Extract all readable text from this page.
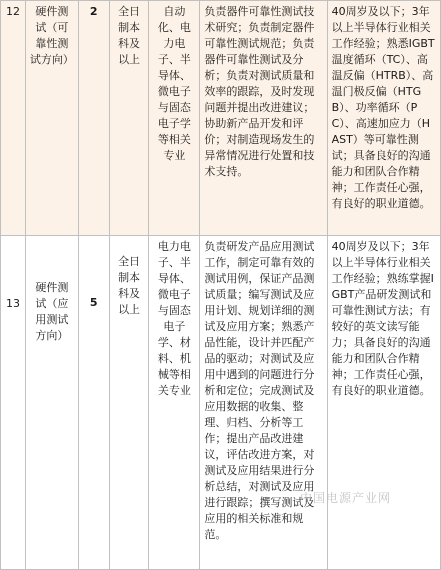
12	硬件测试（可靠性测试方向）	2	全日制本科及以上	自动化、电力电子、半导体、微电子与固态电子学等相关专业	负责器件可靠性测试技术研究；负责制定器件可靠性测试规范；负责器件可靠性测试及分析；负责对测试质量和效率的跟踪，及时发现问题并提出改进建议；协助新产品开发和评价；对制造现场发生的异常情况进行处置和技术支持。	40周岁及以下；3年以上半导体行业相关工作经验；熟悉IGBT温度循环（TC）、高温反偏（HTRB）、高温门极反偏（HTGB）、功率循环（PC）、高速加应力（HAST）等可靠性测试；具备良好的沟通能力和团队合作精神；工作责任心强，有良好的职业道德。
13	硬件测试（应用测试方向）	5	全日制本科及以上	电力电子、半导体、微电子与固态电子学、材料、机械等相关专业	负责研发产品应用测试工作，制定可靠有效的测试用例，保证产品测试质量；编写测试及应用计划、规划详细的测试及应用方案；熟悉产品性能，设计并匹配产品的驱动；对测试及应用中遇到的问题进行分析和定位；完成测试及应用数据的收集、整理、归档、分析等工作；提出产品改进建议，评估改进方案，对测试及应用结果进行分析总结，对测试及应用进行跟踪；撰写测试及应用的相关标准和规范。	40周岁及以下；3年以上半导体行业相关工作经验；熟练掌握IGBT产品研发测试和可靠性测试方法；有较好的英文读写能力；具备良好的沟通能力和团队合作精神；工作责任心强，有良好的职业道德。
中国电源产业网
